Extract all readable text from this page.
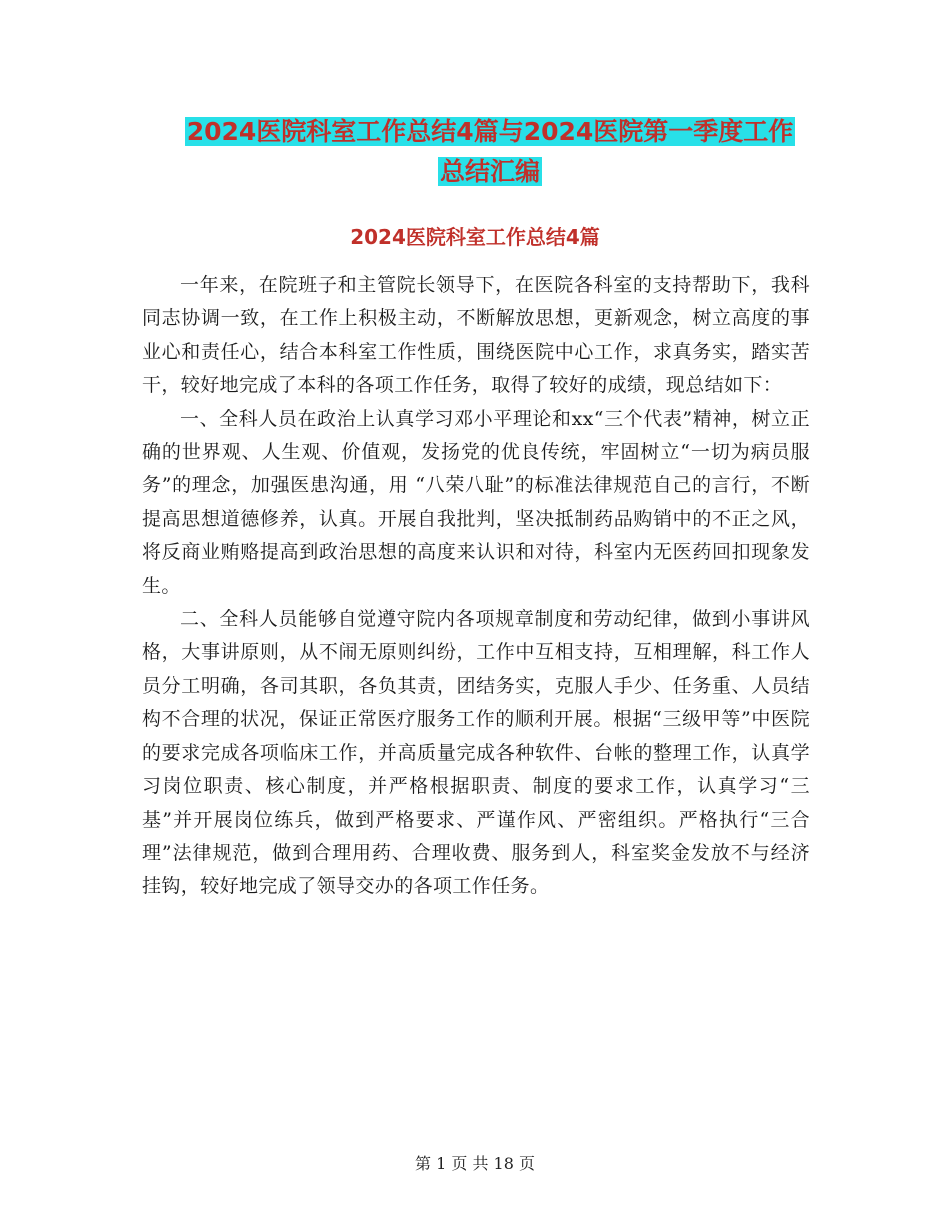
2024医院科室工作总结4篇与2024医院第一季度工作
总结汇编
2024医院科室工作总结4篇

一年来，在院班子和主管院长领导下，在医院各科室的支持帮助下，我科同志协调一致，在工作上积极主动，不断解放思想，更新观念，树立高度的事业心和责任心，结合本科室工作性质，围绕医院中心工作，求真务实，踏实苦干，较好地完成了本科的各项工作任务，取得了较好的成绩，现总结如下：

一、全科人员在政治上认真学习邓小平理论和xx“三个代表”精神，树立正确的世界观、人生观、价值观，发扬党的优良传统，牢固树立“一切为病员服务”的理念，加强医患沟通，用 “八荣八耻”的标准法律规范自己的言行，不断提高思想道德修养，认真。开展自我批判，坚决抵制药品购销中的不正之风，将反商业贿赂提高到政治思想的高度来认识和对待，科室内无医药回扣现象发生。

二、全科人员能够自觉遵守院内各项规章制度和劳动纪律，做到小事讲风格，大事讲原则，从不闹无原则纠纷，工作中互相支持，互相理解，科工作人员分工明确，各司其职，各负其责，团结务实，克服人手少、任务重、人员结构不合理的状况，保证正常医疗服务工作的顺利开展。根据“三级甲等”中医院的要求完成各项临床工作，并高质量完成各种软件、台帐的整理工作，认真学习岗位职责、核心制度，并严格根据职责、制度的要求工作，认真学习“三基”并开展岗位练兵，做到严格要求、严谨作风、严密组织。严格执行“三合理”法律规范，做到合理用药、合理收费、服务到人，科室奖金发放不与经济挂钩，较好地完成了领导交办的各项工作任务。

第 1 页 共 18 页
